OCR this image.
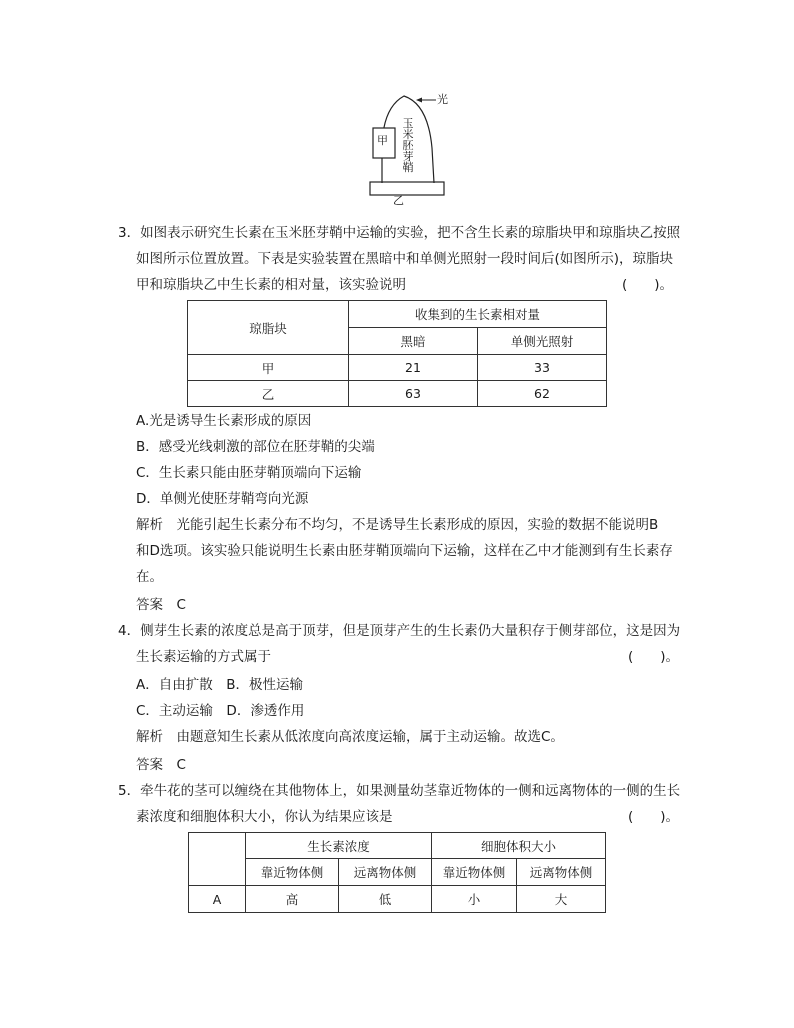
光
甲
乙
玉
米
胚
芽
鞘
3．如图表示研究生长素在玉米胚芽鞘中运输的实验，把不含生长素的琼脂块甲和琼脂块乙按照
如图所示位置放置。下表是实验装置在黑暗中和单侧光照射一段时间后(如图所示)，琼脂块
甲和琼脂块乙中生长素的相对量，该实验说明	(　　)。
琼脂块	收集到的生长素相对量	
	黑暗	单侧光照射
甲	21	33
乙	63	62
A.光是诱导生长素形成的原因
B．感受光线刺激的部位在胚芽鞘的尖端
C．生长素只能由胚芽鞘顶端向下运输
D．单侧光使胚芽鞘弯向光源
解析　光能引起生长素分布不均匀，不是诱导生长素形成的原因，实验的数据不能说明B
和D选项。该实验只能说明生长素由胚芽鞘顶端向下运输，这样在乙中才能测到有生长素存
在。
答案　C
4．侧芽生长素的浓度总是高于顶芽，但是顶芽产生的生长素仍大量积存于侧芽部位，这是因为
生长素运输的方式属于	(　　)。
A．自由扩散　B．极性运输
C．主动运输　D．渗透作用
解析　由题意知生长素从低浓度向高浓度运输，属于主动运输。故选C。
答案　C
5．牵牛花的茎可以缠绕在其他物体上，如果测量幼茎靠近物体的一侧和远离物体的一侧的生长
素浓度和细胞体积大小，你认为结果应该是	(　　)。
	生长素浓度		细胞体积大小	
	靠近物体侧	远离物体侧	靠近物体侧	远离物体侧
A	高	低	小	大
